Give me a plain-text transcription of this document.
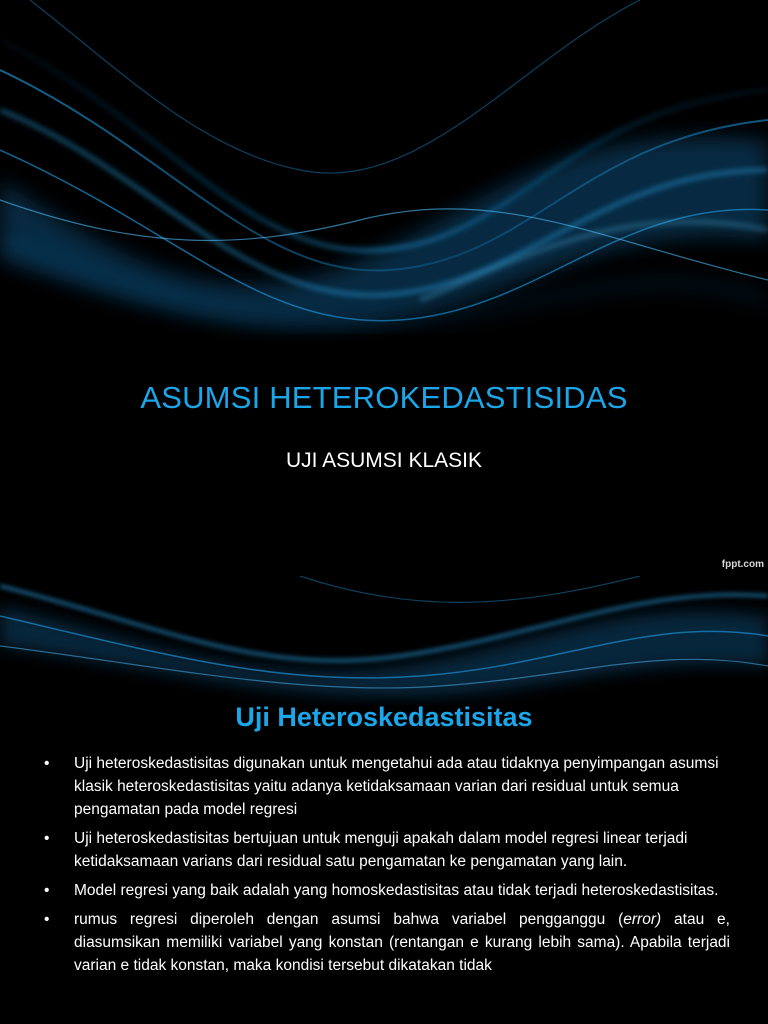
ASUMSI HETEROKEDASTISIDAS
UJI ASUMSI KLASIK
fppt.com
Uji Heteroskedastisitas
• Uji heteroskedastisitas digunakan untuk mengetahui ada atau tidaknya penyimpangan asumsi klasik heteroskedastisitas yaitu adanya ketidaksamaan varian dari residual untuk semua pengamatan pada model regresi
• Uji heteroskedastisitas bertujuan untuk menguji apakah dalam model regresi linear terjadi ketidaksamaan varians dari residual satu pengamatan ke pengamatan yang lain.
• Model regresi yang baik adalah yang homoskedastisitas atau tidak terjadi heteroskedastisitas.
• rumus regresi diperoleh dengan asumsi bahwa variabel pengganggu (error) atau e, diasumsikan memiliki variabel yang konstan (rentangan e kurang lebih sama). Apabila terjadi varian e tidak konstan, maka kondisi tersebut dikatakan tidak
